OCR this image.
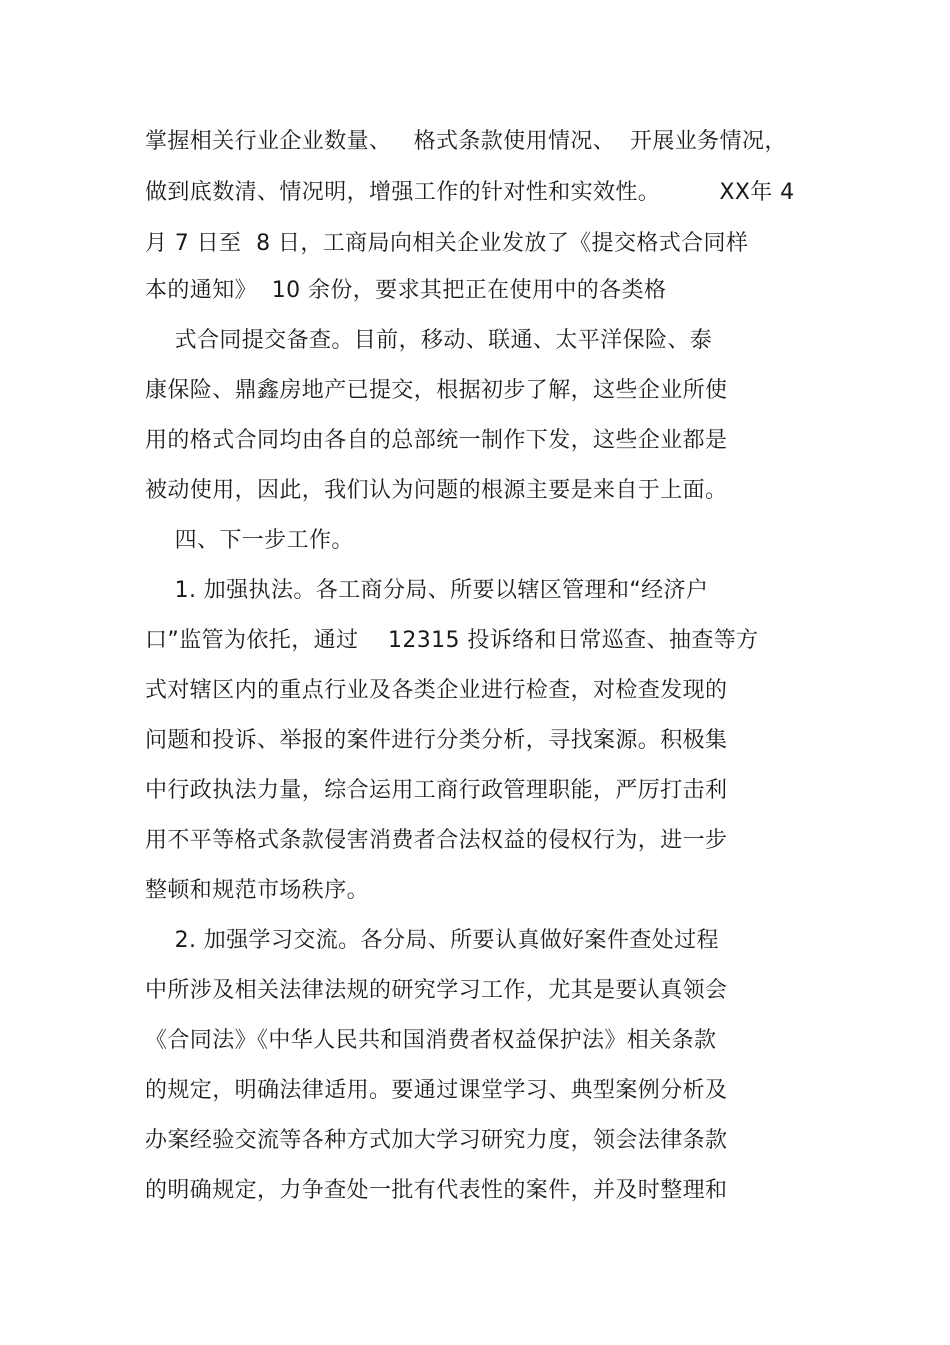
掌握相关行业企业数量、   格式条款使用情况、  开展业务情况，
做到底数清、情况明，增强工作的针对性和实效性。        XX年 4
月 7 日至  8 日，工商局向相关企业发放了《提交格式合同样
本的通知》  10 余份，要求其把正在使用中的各类格
式合同提交备查。目前，移动、联通、太平洋保险、泰
康保险、鼎鑫房地产已提交，根据初步了解，这些企业所使
用的格式合同均由各自的总部统一制作下发，这些企业都是
被动使用，因此，我们认为问题的根源主要是来自于上面。
四、下一步工作。
1. 加强执法。各工商分局、所要以辖区管理和“经济户
口”监管为依托，通过    12315 投诉络和日常巡查、抽查等方
式对辖区内的重点行业及各类企业进行检查，对检查发现的
问题和投诉、举报的案件进行分类分析，寻找案源。积极集
中行政执法力量，综合运用工商行政管理职能，严厉打击利
用不平等格式条款侵害消费者合法权益的侵权行为，进一步
整顿和规范市场秩序。
2. 加强学习交流。各分局、所要认真做好案件查处过程
中所涉及相关法律法规的研究学习工作，尤其是要认真领会
《合同法》《中华人民共和国消费者权益保护法》相关条款
的规定，明确法律适用。要通过课堂学习、典型案例分析及
办案经验交流等各种方式加大学习研究力度，领会法律条款
的明确规定，力争查处一批有代表性的案件，并及时整理和
